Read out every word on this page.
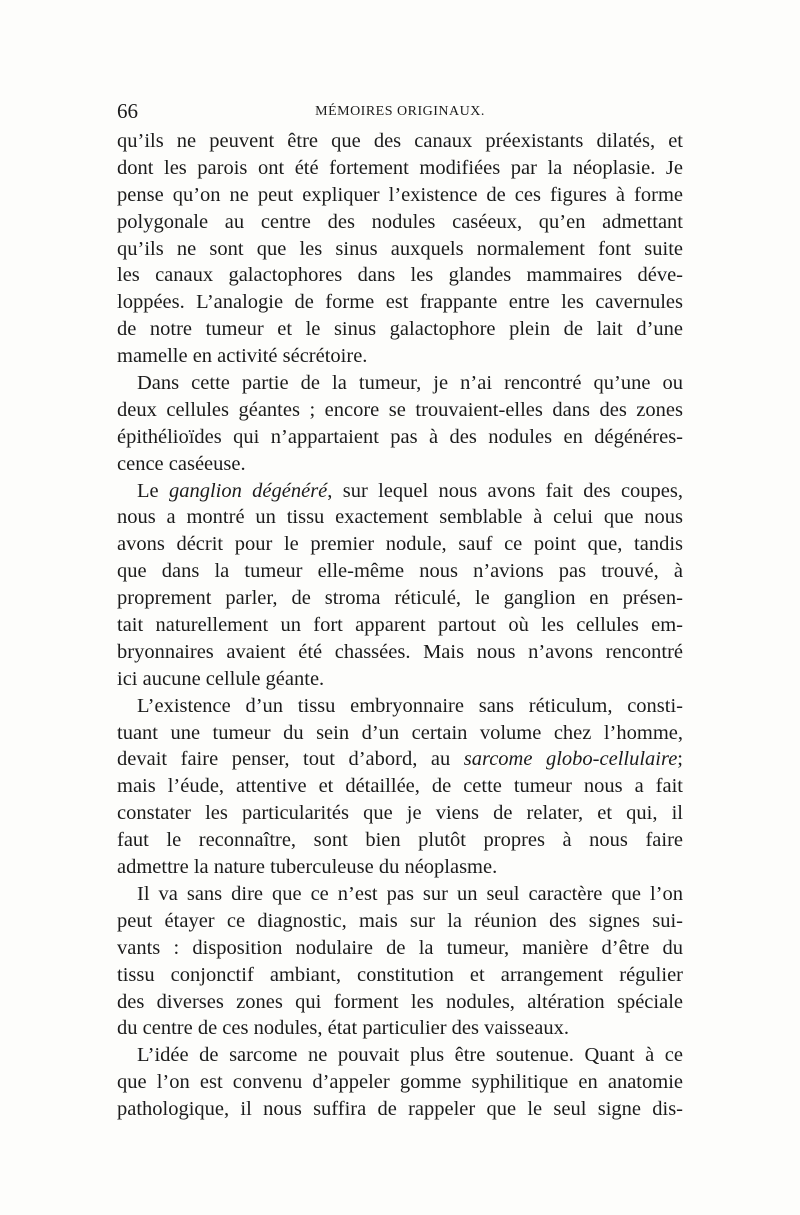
66	MÉMOIRES ORIGINAUX.
qu’ils ne peuvent être que des canaux préexistants dilatés, et
dont les parois ont été fortement modifiées par la néoplasie. Je
pense qu’on ne peut expliquer l’existence de ces figures à forme
polygonale au centre des nodules caséeux, qu’en admettant
qu’ils ne sont que les sinus auxquels normalement font suite
les canaux galactophores dans les glandes mammaires déve-
loppées. L’analogie de forme est frappante entre les cavernules
de notre tumeur et le sinus galactophore plein de lait d’une
mamelle en activité sécrétoire.
Dans cette partie de la tumeur, je n’ai rencontré qu’une ou
deux cellules géantes ; encore se trouvaient-elles dans des zones
épithélioïdes qui n’appartaient pas à des nodules en dégénéres-
cence caséeuse.
Le ganglion dégénéré, sur lequel nous avons fait des coupes,
nous a montré un tissu exactement semblable à celui que nous
avons décrit pour le premier nodule, sauf ce point que, tandis
que dans la tumeur elle-même nous n’avions pas trouvé, à
proprement parler, de stroma réticulé, le ganglion en présen-
tait naturellement un fort apparent partout où les cellules em-
bryonnaires avaient été chassées. Mais nous n’avons rencontré
ici aucune cellule géante.
L’existence d’un tissu embryonnaire sans réticulum, consti-
tuant une tumeur du sein d’un certain volume chez l’homme,
devait faire penser, tout d’abord, au sarcome globo-cellulaire;
mais l’éude, attentive et détaillée, de cette tumeur nous a fait
constater les particularités que je viens de relater, et qui, il
faut le reconnaître, sont bien plutôt propres à nous faire
admettre la nature tuberculeuse du néoplasme.
Il va sans dire que ce n’est pas sur un seul caractère que l’on
peut étayer ce diagnostic, mais sur la réunion des signes sui-
vants : disposition nodulaire de la tumeur, manière d’être du
tissu conjonctif ambiant, constitution et arrangement régulier
des diverses zones qui forment les nodules, altération spéciale
du centre de ces nodules, état particulier des vaisseaux.
L’idée de sarcome ne pouvait plus être soutenue. Quant à ce
que l’on est convenu d’appeler gomme syphilitique en anatomie
pathologique, il nous suffira de rappeler que le seul signe dis-
